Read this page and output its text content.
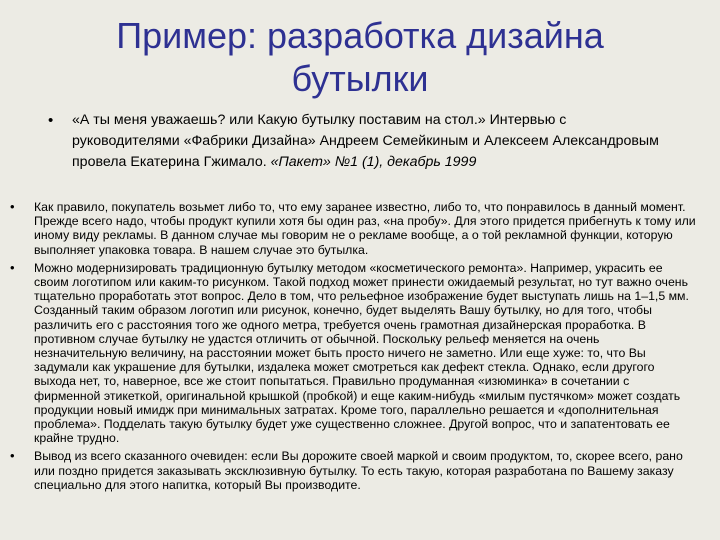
Пример: разработка дизайна бутылки
• «А ты меня уважаешь? или Какую бутылку поставим на стол.» Интервью с руководителями «Фабрики Дизайна» Андреем Семейкиным и Алексеем Александровым провела Екатерина Гжимало. «Пакет» №1 (1), декабрь 1999
• Как правило, покупатель возьмет либо то, что ему заранее известно, либо то, что понравилось в данный момент. Прежде всего надо, чтобы продукт купили хотя бы один раз, «на пробу». Для этого придется прибегнуть к тому или иному виду рекламы. В данном случае мы говорим не о рекламе вообще, а о той рекламной функции, которую выполняет упаковка товара. В нашем случае это бутылка.
• Можно модернизировать традиционную бутылку методом «косметического ремонта». Например, украсить ее своим логотипом или каким-то рисунком. Такой подход может принести ожидаемый результат, но тут важно очень тщательно проработать этот вопрос. Дело в том, что рельефное изображение будет выступать лишь на 1–1,5 мм. Созданный таким образом логотип или рисунок, конечно, будет выделять Вашу бутылку, но для того, чтобы различить его с расстояния того же одного метра, требуется очень грамотная дизайнерская проработка. В противном случае бутылку не удастся отличить от обычной. Поскольку рельеф меняется на очень незначительную величину, на расстоянии может быть просто ничего не заметно. Или еще хуже: то, что Вы задумали как украшение для бутылки, издалека может смотреться как дефект стекла. Однако, если другого выхода нет, то, наверное, все же стоит попытаться. Правильно продуманная «изюминка» в сочетании с фирменной этикеткой, оригинальной крышкой (пробкой) и еще каким-нибудь «милым пустячком» может создать продукции новый имидж при минимальных затратах. Кроме того, параллельно решается и «дополнительная проблема». Подделать такую бутылку будет уже существенно сложнее. Другой вопрос, что и запатентовать ее крайне трудно.
• Вывод из всего сказанного очевиден: если Вы дорожите своей маркой и своим продуктом, то, скорее всего, рано или поздно придется заказывать эксклюзивную бутылку. То есть такую, которая разработана по Вашему заказу специально для этого напитка, который Вы производите.
